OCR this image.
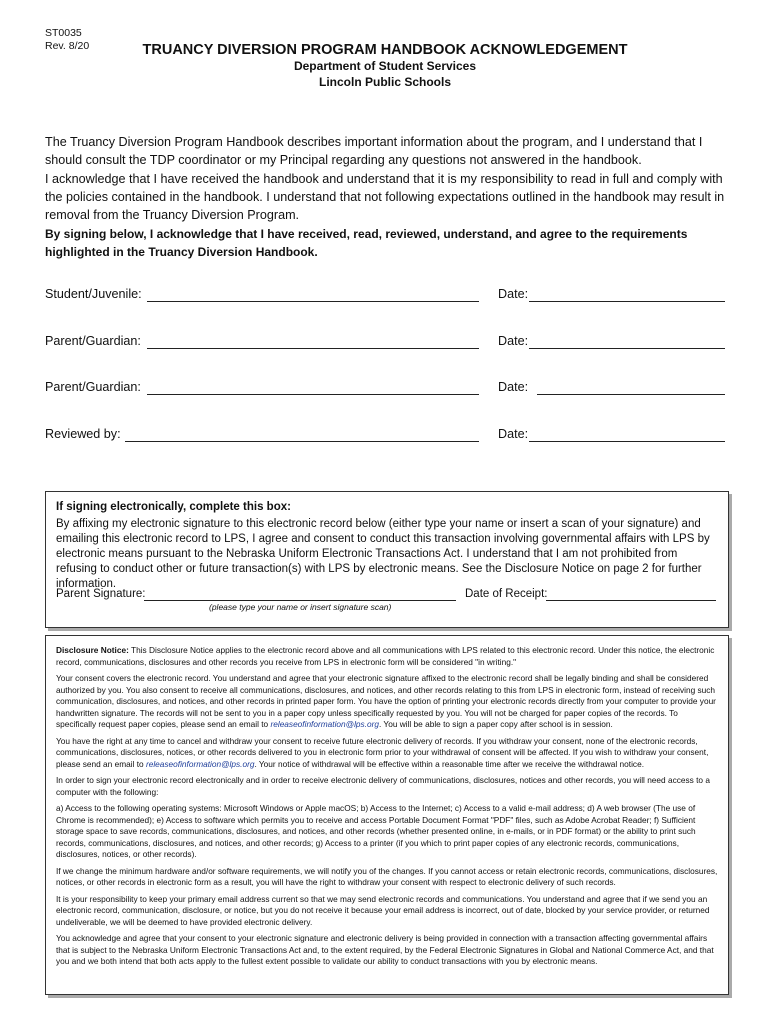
ST0035
Rev. 8/20	TRUANCY DIVERSION PROGRAM HANDBOOK ACKNOWLEDGEMENT
Department of Student Services
Lincoln Public Schools
The Truancy Diversion Program Handbook describes important information about the program, and I understand that I should consult the TDP coordinator or my Principal regarding any questions not answered in the handbook.
I acknowledge that I have received the handbook and understand that it is my responsibility to read in full and comply with the policies contained in the handbook. I understand that not following expectations outlined in the handbook may result in removal from the Truancy Diversion Program.
By signing below, I acknowledge that I have received, read, reviewed, understand, and agree to the requirements highlighted in the Truancy Diversion Handbook.
Student/Juvenile:	Date:
Parent/Guardian:	Date:
Parent/Guardian:	Date:
Reviewed by:	Date:
If signing electronically, complete this box:
By affixing my electronic signature to this electronic record below (either type your name or insert a scan of your signature) and emailing this electronic record to LPS, I agree and consent to conduct this transaction involving governmental affairs with LPS by electronic means pursuant to the Nebraska Uniform Electronic Transactions Act. I understand that I am not prohibited from refusing to conduct other or future transaction(s) with LPS by electronic means. See the Disclosure Notice on page 2 for further information.
Parent Signature:	Date of Receipt:
(please type your name or insert signature scan)

Disclosure Notice: This Disclosure Notice applies to the electronic record above and all communications with LPS related to this electronic record. Under this notice, the electronic record, communications, disclosures and other records you receive from LPS in electronic form will be considered "in writing."

Your consent covers the electronic record. You understand and agree that your electronic signature affixed to the electronic record shall be legally binding and shall be considered authorized by you. You also consent to receive all communications, disclosures, and notices, and other records relating to this from LPS in electronic form, instead of receiving such communication, disclosures, and notices, and other records in printed paper form. You have the option of printing your electronic records directly from your computer to provide your handwritten signature. The records will not be sent to you in a paper copy unless specifically requested by you. You will not be charged for paper copies of the records. To specifically request paper copies, please send an email to releaseofinformation@lps.org. You will be able to sign a paper copy after school is in session.

You have the right at any time to cancel and withdraw your consent to receive future electronic delivery of records. If you withdraw your consent, none of the electronic records, communications, disclosures, notices, or other records delivered to you in electronic form prior to your withdrawal of consent will be affected. If you wish to withdraw your consent, please send an email to releaseofinformation@lps.org. Your notice of withdrawal will be effective within a reasonable time after we receive the withdrawal notice.

In order to sign your electronic record electronically and in order to receive electronic delivery of communications, disclosures, notices and other records, you will need access to a computer with the following:

a) Access to the following operating systems: Microsoft Windows or Apple macOS; b) Access to the Internet; c) Access to a valid e-mail address; d) A web browser (The use of Chrome is recommended); e) Access to software which permits you to receive and access Portable Document Format "PDF" files, such as Adobe Acrobat Reader; f) Sufficient storage space to save records, communications, disclosures, and notices, and other records (whether presented online, in e-mails, or in PDF format) or the ability to print such records, communications, disclosures, and notices, and other records; g) Access to a printer (if you which to print paper copies of any electronic records, communications, disclosures, notices, or other records).

If we change the minimum hardware and/or software requirements, we will notify you of the changes. If you cannot access or retain electronic records, communications, disclosures, notices, or other records in electronic form as a result, you will have the right to withdraw your consent with respect to electronic delivery of such records.

It is your responsibility to keep your primary email address current so that we may send electronic records and communications. You understand and agree that if we send you an electronic record, communication, disclosure, or notice, but you do not receive it because your email address is incorrect, out of date, blocked by your service provider, or returned undeliverable, we will be deemed to have provided electronic delivery.

You acknowledge and agree that your consent to your electronic signature and electronic delivery is being provided in connection with a transaction affecting governmental affairs that is subject to the Nebraska Uniform Electronic Transactions Act and, to the extent required, by the Federal Electronic Signatures in Global and National Commerce Act, and that you and we both intend that both acts apply to the fullest extent possible to validate our ability to conduct transactions with you by electronic means.
